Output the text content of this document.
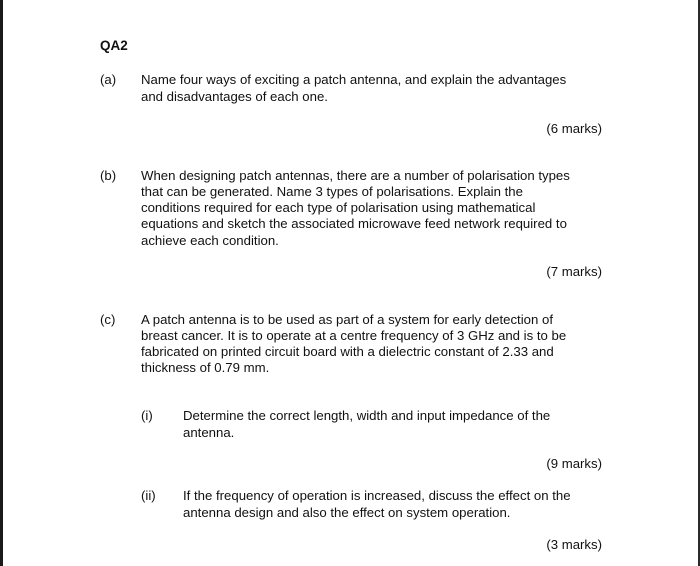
QA2
(a) Name four ways of exciting a patch antenna, and explain the advantages
and disadvantages of each one.
(6 marks)
(b) When designing patch antennas, there are a number of polarisation types
that can be generated. Name 3 types of polarisations. Explain the
conditions required for each type of polarisation using mathematical
equations and sketch the associated microwave feed network required to
achieve each condition.
(7 marks)
(c) A patch antenna is to be used as part of a system for early detection of
breast cancer. It is to operate at a centre frequency of 3 GHz and is to be
fabricated on printed circuit board with a dielectric constant of 2.33 and
thickness of 0.79 mm.
(i) Determine the correct length, width and input impedance of the
antenna.
(9 marks)
(ii) If the frequency of operation is increased, discuss the effect on the
antenna design and also the effect on system operation.
(3 marks)
